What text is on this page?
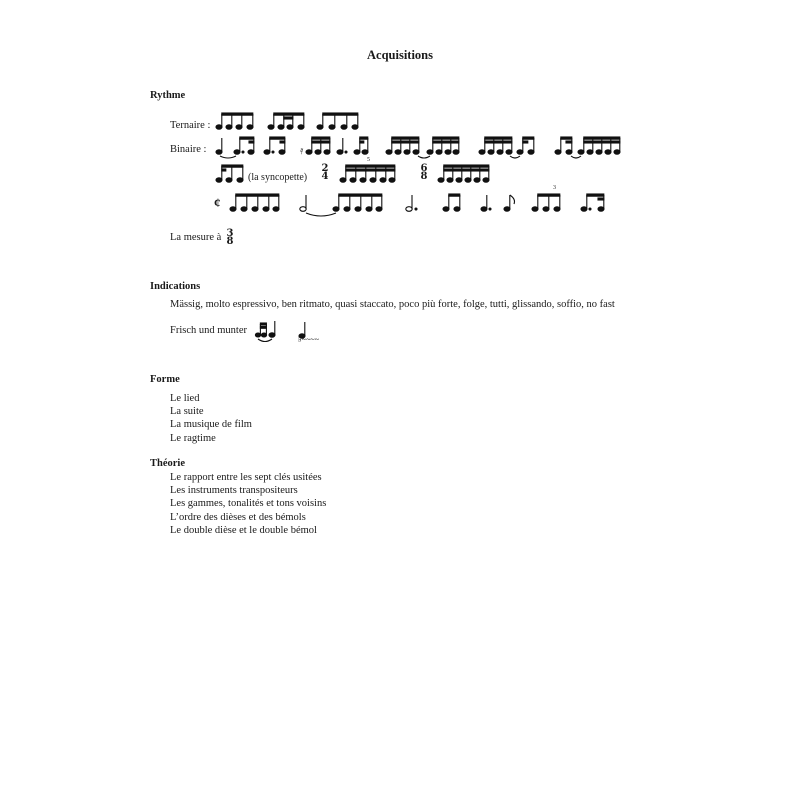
Acquisitions
Rythme
Ternaire :
Binaire :	𝄿
(la syncopette)
2
4
5
6
8
¢
3
La mesure à 3
8
Indications
Mässig, molto espressivo, ben ritmato, quasi staccato, poco più forte, folge, tutti, glissando, soffio, no fast
Frisch und munter
♭~~~~
Forme
Le lied
La suite
La musique de film
Le ragtime
Théorie
Le rapport entre les sept clés usitées
Les instruments transpositeurs
Les gammes, tonalités et tons voisins
L’ordre des dièses et des bémols
Le double dièse et le double bémol
